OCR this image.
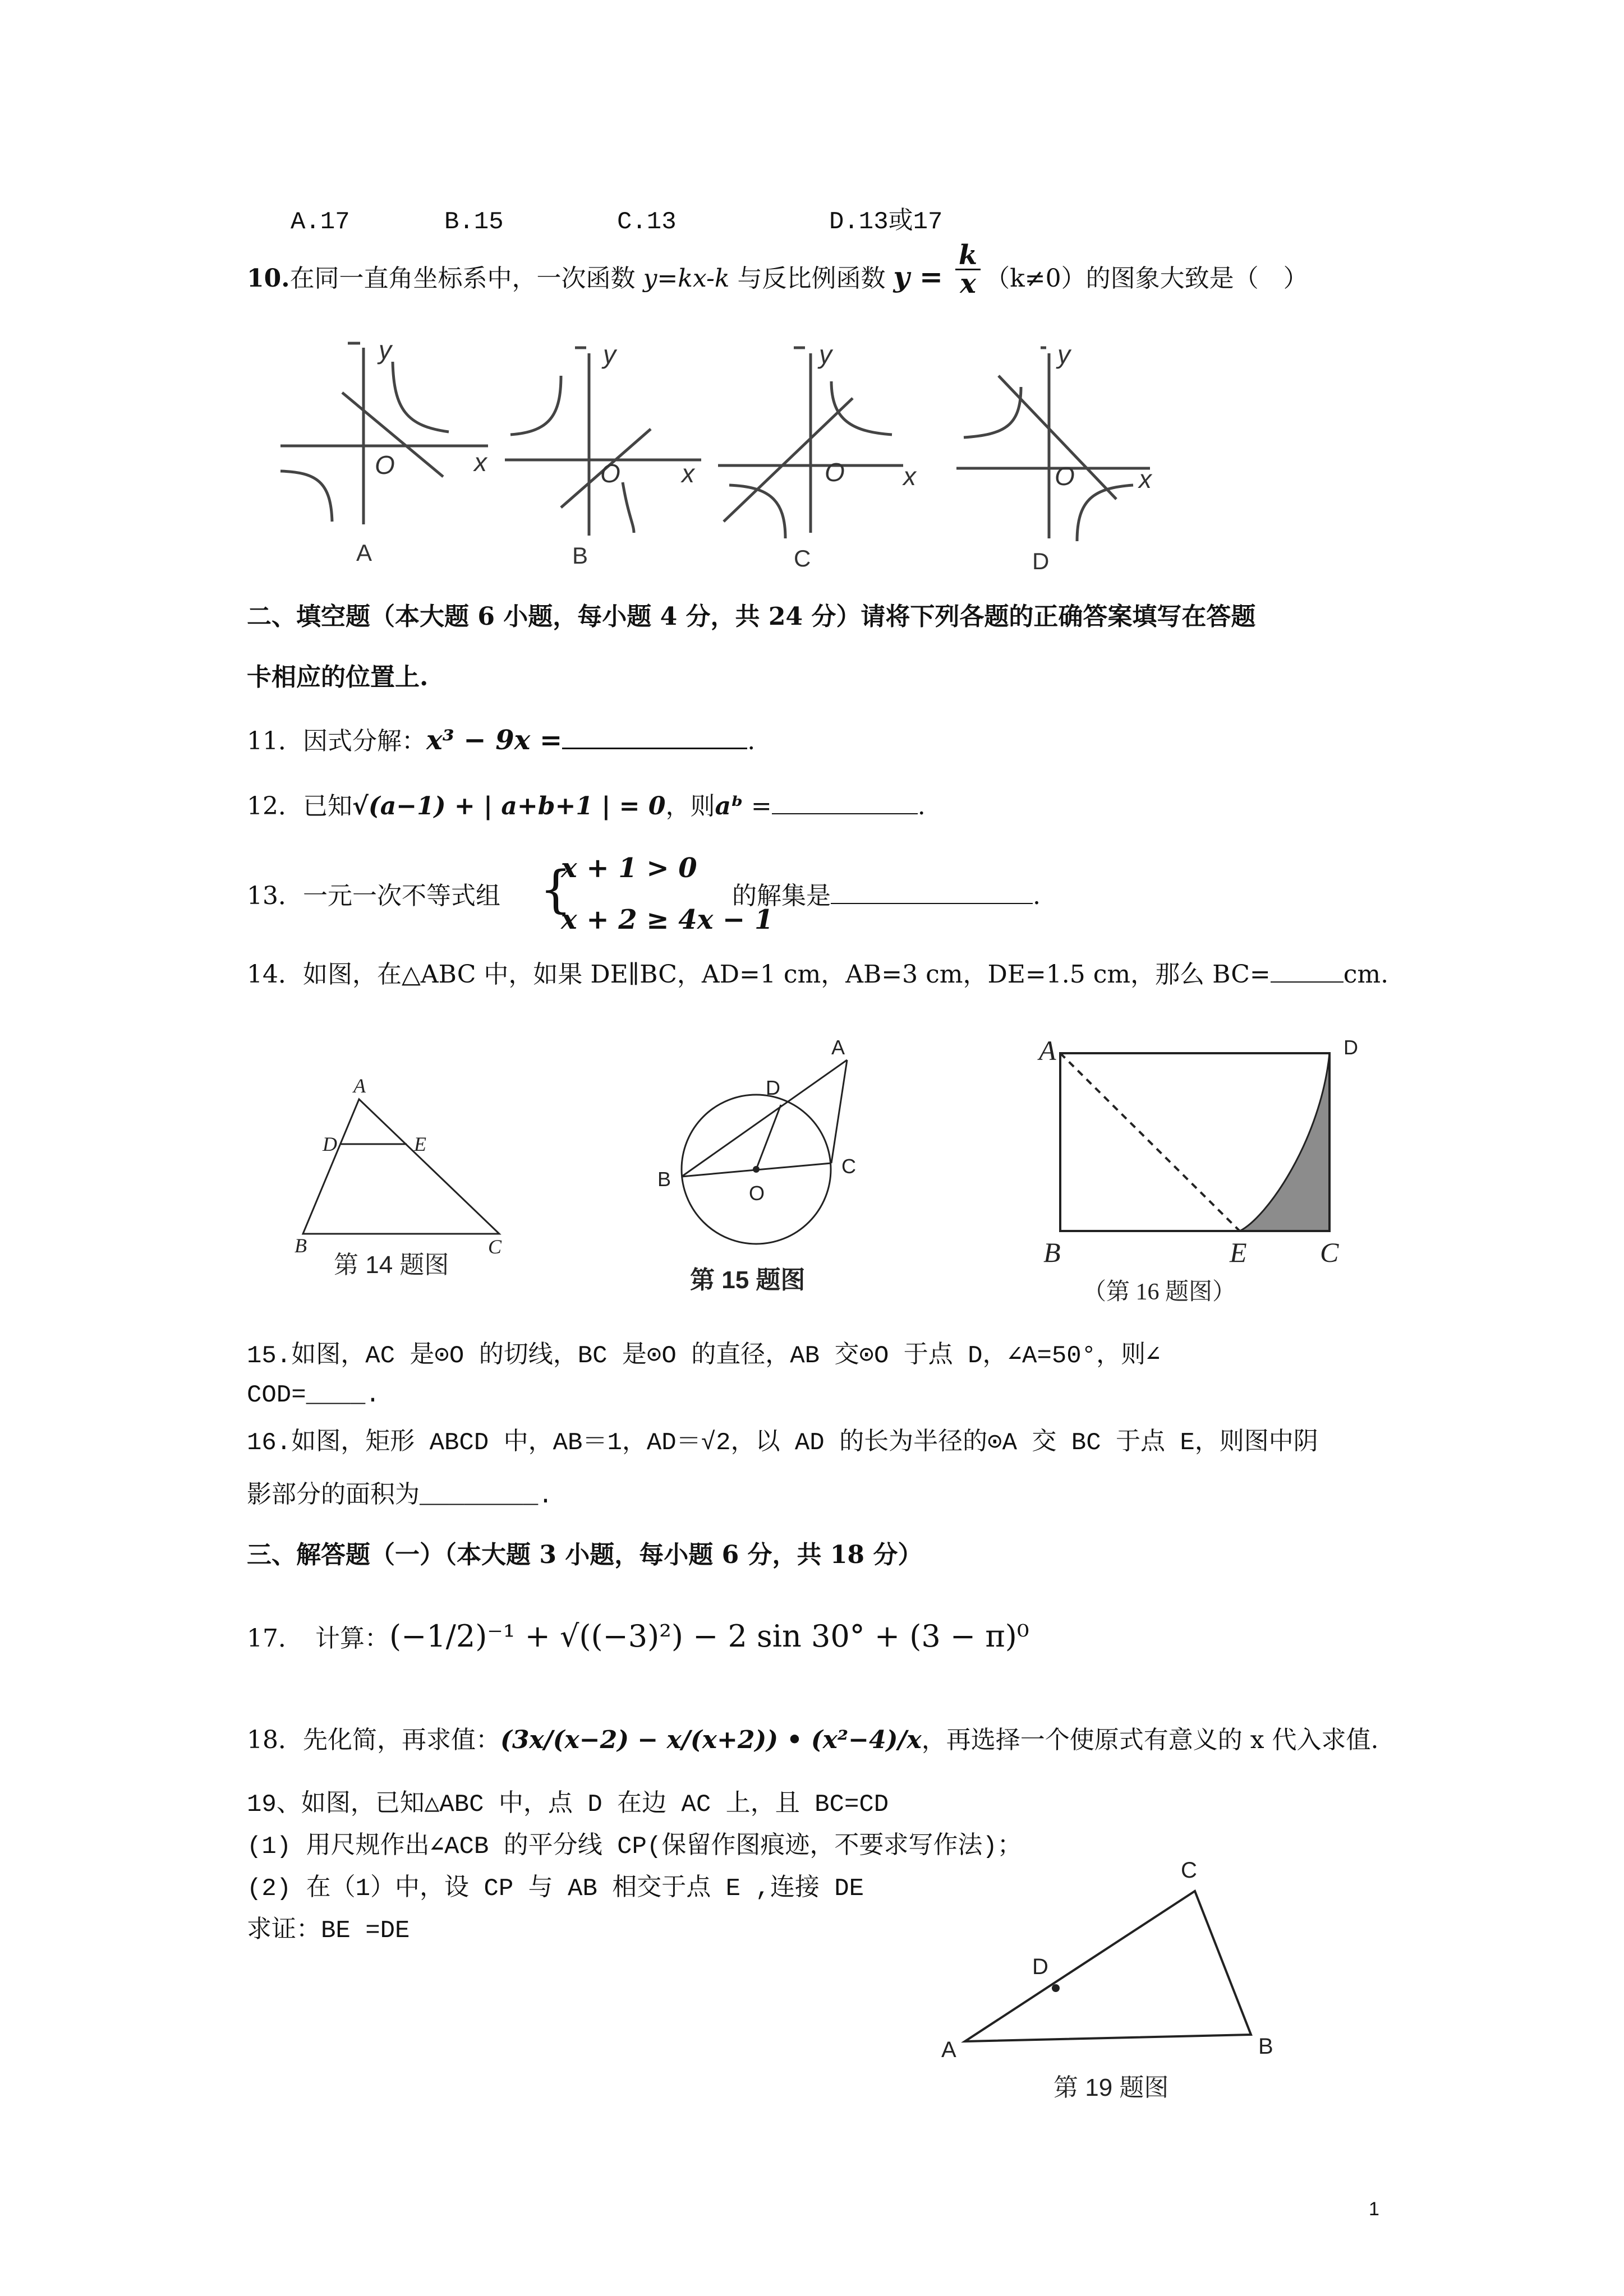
A.17	B.15	C.13	D.13或17
10.在同一直角坐标系中，一次函数 y=kx-k 与反比例函数 $y = \frac{k}{x} (k\ne 0)$的图象大致是（　）
y
x
O
y
x
O
y
x
O
y
x
O
A	B	C	D
二、填空题（本大题 6 小题，每小题 4 分，共 24 分）请将下列各题的正确答案填写在答题
卡相应的位置上.
11．因式分解：x³ − 9x =	.
12．已知√(a−1) + | a+b+1 | = 0，则aᵇ =	.
13．一元一次不等式组 {
x + 1 > 0
x + 2 ≥ 4x − 1
的解集是	.
14．如图，在△ABC 中，如果 DE∥BC，AD=1 cm，AB=3 cm，DE=1.5 cm，那么 BC=	cm.
A
D	E
B	C
第 14 题图
A
D
B
O
C
第 15 题图
A
B	E	C
D
（第 16 题图）
15.如图，AC 是⊙O 的切线，BC 是⊙O 的直径，AB 交⊙O 于点 D，∠A=50°，则∠
COD=____.
16.如图，矩形 ABCD 中，AB＝1，AD＝√2，以 AD 的长为半径的⊙A 交 BC 于点 E，则图中阴
影部分的面积为________.
三、解答题（一）（本大题 3 小题，每小题 6 分，共 18 分）
17．　计算：(−1/2)⁻¹ + √((−3)²) − 2 sin 30° + (3 − π)⁰
18．先化简，再求值：(3x/(x−2) − x/(x+2)) • (x²−4)/x，再选择一个使原式有意义的 x 代入求值.
19、如图，已知△ABC 中，点 D 在边 AC 上，且 BC=CD
(1) 用尺规作出∠ACB 的平分线 CP(保留作图痕迹，不要求写作法)；
(2) 在（1）中，设 CP 与 AB 相交于点 E ,连接 DE
求证：BE =DE
C
D
A	B
第 19 题图
1
